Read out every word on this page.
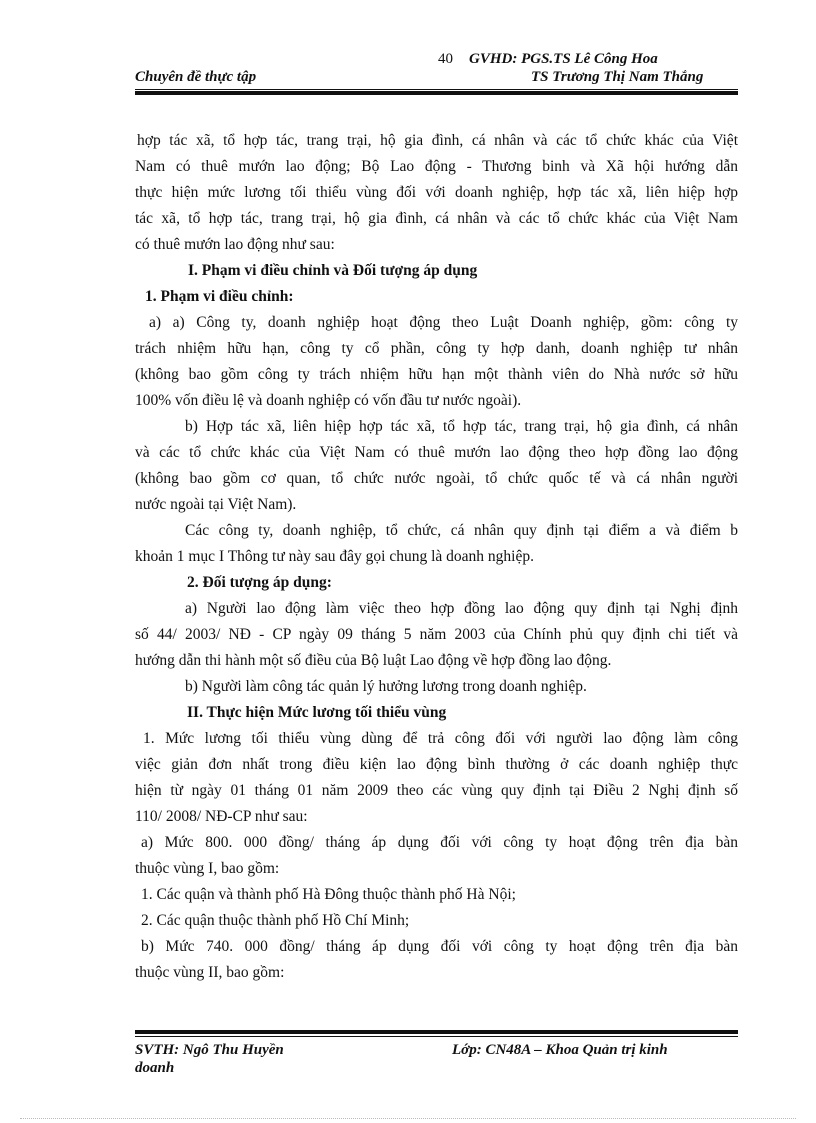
40 GVHD: PGS.TS Lê Công Hoa
Chuyên đề thực tập	TS Trương Thị Nam Thắng
hợp tác xã, tổ hợp tác, trang trại, hộ gia đình, cá nhân và các tổ chức khác của Việt
Nam có thuê mướn lao động; Bộ Lao động - Thương binh và Xã hội hướng dẫn
thực hiện mức lương tối thiểu vùng đối với doanh nghiệp, hợp tác xã, liên hiệp hợp
tác xã, tổ hợp tác, trang trại, hộ gia đình, cá nhân và các tổ chức khác của Việt Nam
có thuê mướn lao động như sau:
I. Phạm vi điều chỉnh và Đối tượng áp dụng
1. Phạm vi điều chỉnh:
a) a) Công ty, doanh nghiệp hoạt động theo Luật Doanh nghiệp, gồm: công ty
trách nhiệm hữu hạn, công ty cổ phần, công ty hợp danh, doanh nghiệp tư nhân
(không bao gồm công ty trách nhiệm hữu hạn một thành viên do Nhà nước sở hữu
100% vốn điều lệ và doanh nghiệp có vốn đầu tư nước ngoài).
b) Hợp tác xã, liên hiệp hợp tác xã, tổ hợp tác, trang trại, hộ gia đình, cá nhân
và các tổ chức khác của Việt Nam có thuê mướn lao động theo hợp đồng lao động
(không bao gồm cơ quan, tổ chức nước ngoài, tổ chức quốc tế và cá nhân người
nước ngoài tại Việt Nam).
Các công ty, doanh nghiệp, tổ chức, cá nhân quy định tại điểm a và điểm b
khoản 1 mục I Thông tư này sau đây gọi chung là doanh nghiệp.
2. Đối tượng áp dụng:
a) Người lao động làm việc theo hợp đồng lao động quy định tại Nghị định
số 44/ 2003/ NĐ - CP ngày 09 tháng 5 năm 2003 của Chính phủ quy định chi tiết và
hướng dẫn thi hành một số điều của Bộ luật Lao động về hợp đồng lao động.
b) Người làm công tác quản lý hưởng lương trong doanh nghiệp.
II. Thực hiện Mức lương tối thiểu vùng
1. Mức lương tối thiểu vùng dùng để trả công đối với người lao động làm công
việc giản đơn nhất trong điều kiện lao động bình thường ở các doanh nghiệp thực
hiện từ ngày 01 tháng 01 năm 2009 theo các vùng quy định tại Điều 2 Nghị định số
110/ 2008/ NĐ-CP như sau:
a) Mức 800. 000 đồng/ tháng áp dụng đối với công ty hoạt động trên địa bàn
thuộc vùng I, bao gồm:
1. Các quận và thành phố Hà Đông thuộc thành phố Hà Nội;
2. Các quận thuộc thành phố Hồ Chí Minh;
b) Mức 740. 000 đồng/ tháng áp dụng đối với công ty hoạt động trên địa bàn
thuộc vùng II, bao gồm:
SVTH: Ngô Thu Huyền	Lớp: CN48A – Khoa Quản trị kinh
doanh
